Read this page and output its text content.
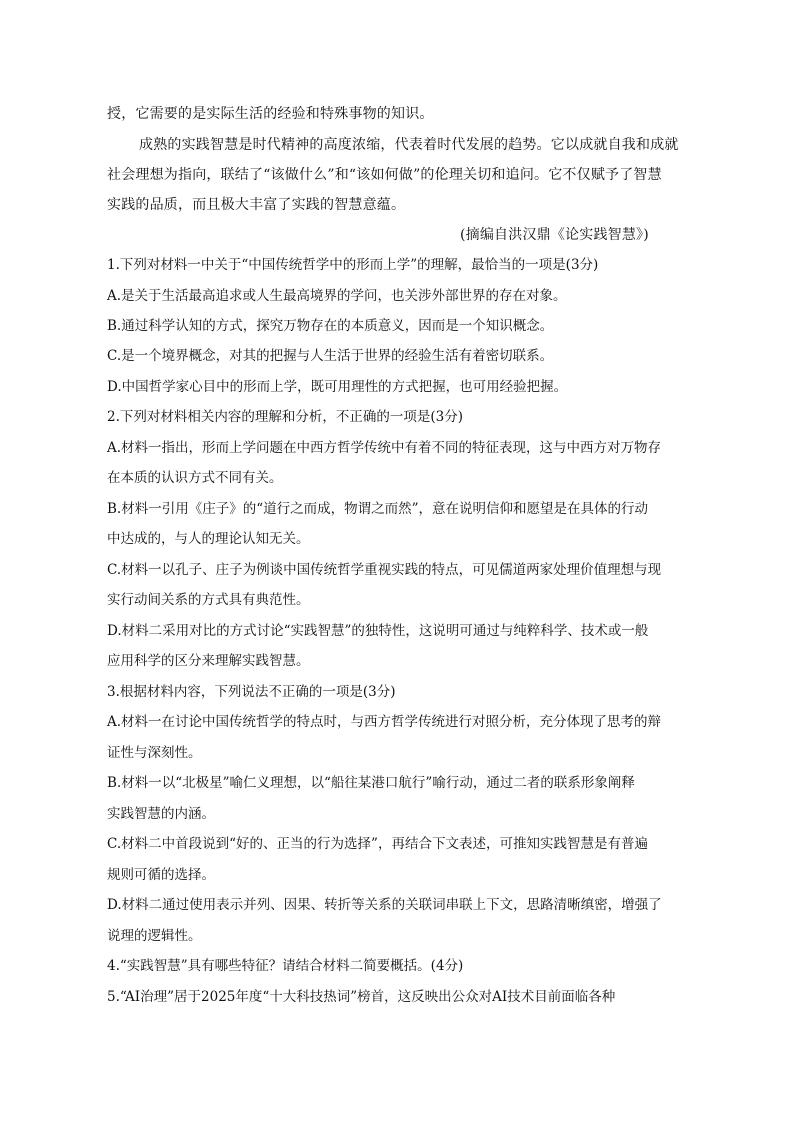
授，它需要的是实际生活的经验和特殊事物的知识。
成熟的实践智慧是时代精神的高度浓缩，代表着时代发展的趋势。它以成就自我和成就
社会理想为指向，联结了“该做什么”和“该如何做”的伦理关切和追问。它不仅赋予了智慧
实践的品质，而且极大丰富了实践的智慧意蕴。
(摘编自洪汉鼎《论实践智慧》)
1.下列对材料一中关于“中国传统哲学中的形而上学”的理解，最恰当的一项是(3分)
A.是关于生活最高追求或人生最高境界的学问，也关涉外部世界的存在对象。
B.通过科学认知的方式，探究万物存在的本质意义，因而是一个知识概念。
C.是一个境界概念，对其的把握与人生活于世界的经验生活有着密切联系。
D.中国哲学家心目中的形而上学，既可用理性的方式把握，也可用经验把握。
2.下列对材料相关内容的理解和分析，不正确的一项是(3分)
A.材料一指出，形而上学问题在中西方哲学传统中有着不同的特征表现，这与中西方对万物存
在本质的认识方式不同有关。
B.材料一引用《庄子》的“道行之而成，物谓之而然”，意在说明信仰和愿望是在具体的行动
中达成的，与人的理论认知无关。
C.材料一以孔子、庄子为例谈中国传统哲学重视实践的特点，可见儒道两家处理价值理想与现
实行动间关系的方式具有典范性。
D.材料二采用对比的方式讨论“实践智慧”的独特性，这说明可通过与纯粹科学、技术或一般
应用科学的区分来理解实践智慧。
3.根据材料内容，下列说法不正确的一项是(3分)
A.材料一在讨论中国传统哲学的特点时，与西方哲学传统进行对照分析，充分体现了思考的辩
证性与深刻性。
B.材料一以“北极星”喻仁义理想，以“船往某港口航行”喻行动，通过二者的联系形象阐释
实践智慧的内涵。
C.材料二中首段说到“好的、正当的行为选择”，再结合下文表述，可推知实践智慧是有普遍
规则可循的选择。
D.材料二通过使用表示并列、因果、转折等关系的关联词串联上下文，思路清晰缜密，增强了
说理的逻辑性。
4.“实践智慧”具有哪些特征？请结合材料二简要概括。(4分)
5.“AI治理”居于2025年度“十大科技热词”榜首，这反映出公众对AI技术目前面临各种
